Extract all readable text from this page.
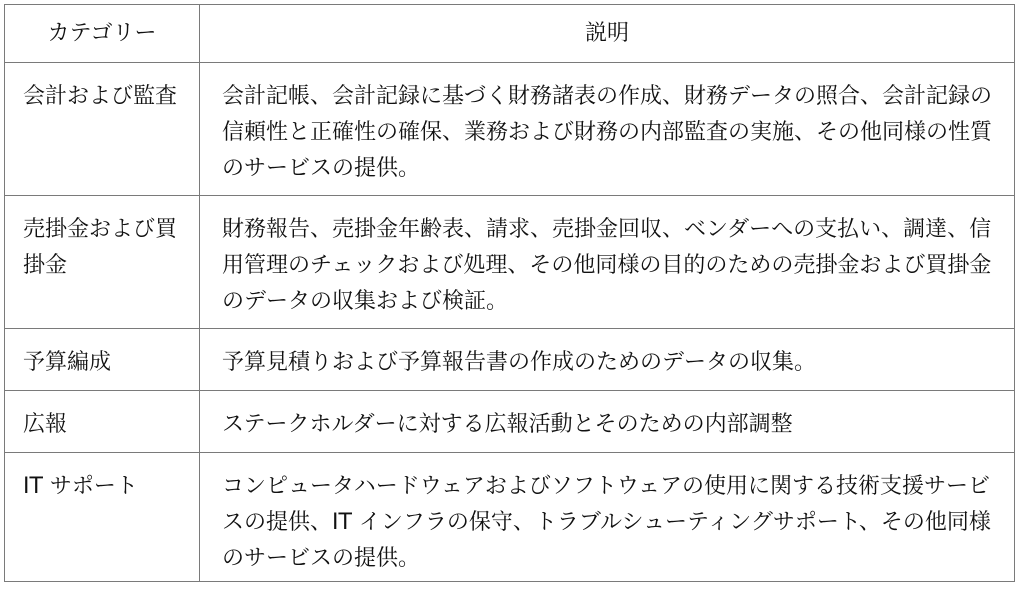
カテゴリー	説明
会計および監査	会計記帳、会計記録に基づく財務諸表の作成、財務データの照合、会計記録の信頼性と正確性の確保、業務および財務の内部監査の実施、その他同様の性質のサービスの提供。
売掛金および買掛金	財務報告、売掛金年齢表、請求、売掛金回収、ベンダーへの支払い、調達、信用管理のチェックおよび処理、その他同様の目的のための売掛金および買掛金のデータの収集および検証。
予算編成	予算見積りおよび予算報告書の作成のためのデータの収集。
広報	ステークホルダーに対する広報活動とそのための内部調整
IT サポート	コンピュータハードウェアおよびソフトウェアの使用に関する技術支援サービスの提供、IT インフラの保守、トラブルシューティングサポート、その他同様のサービスの提供。
